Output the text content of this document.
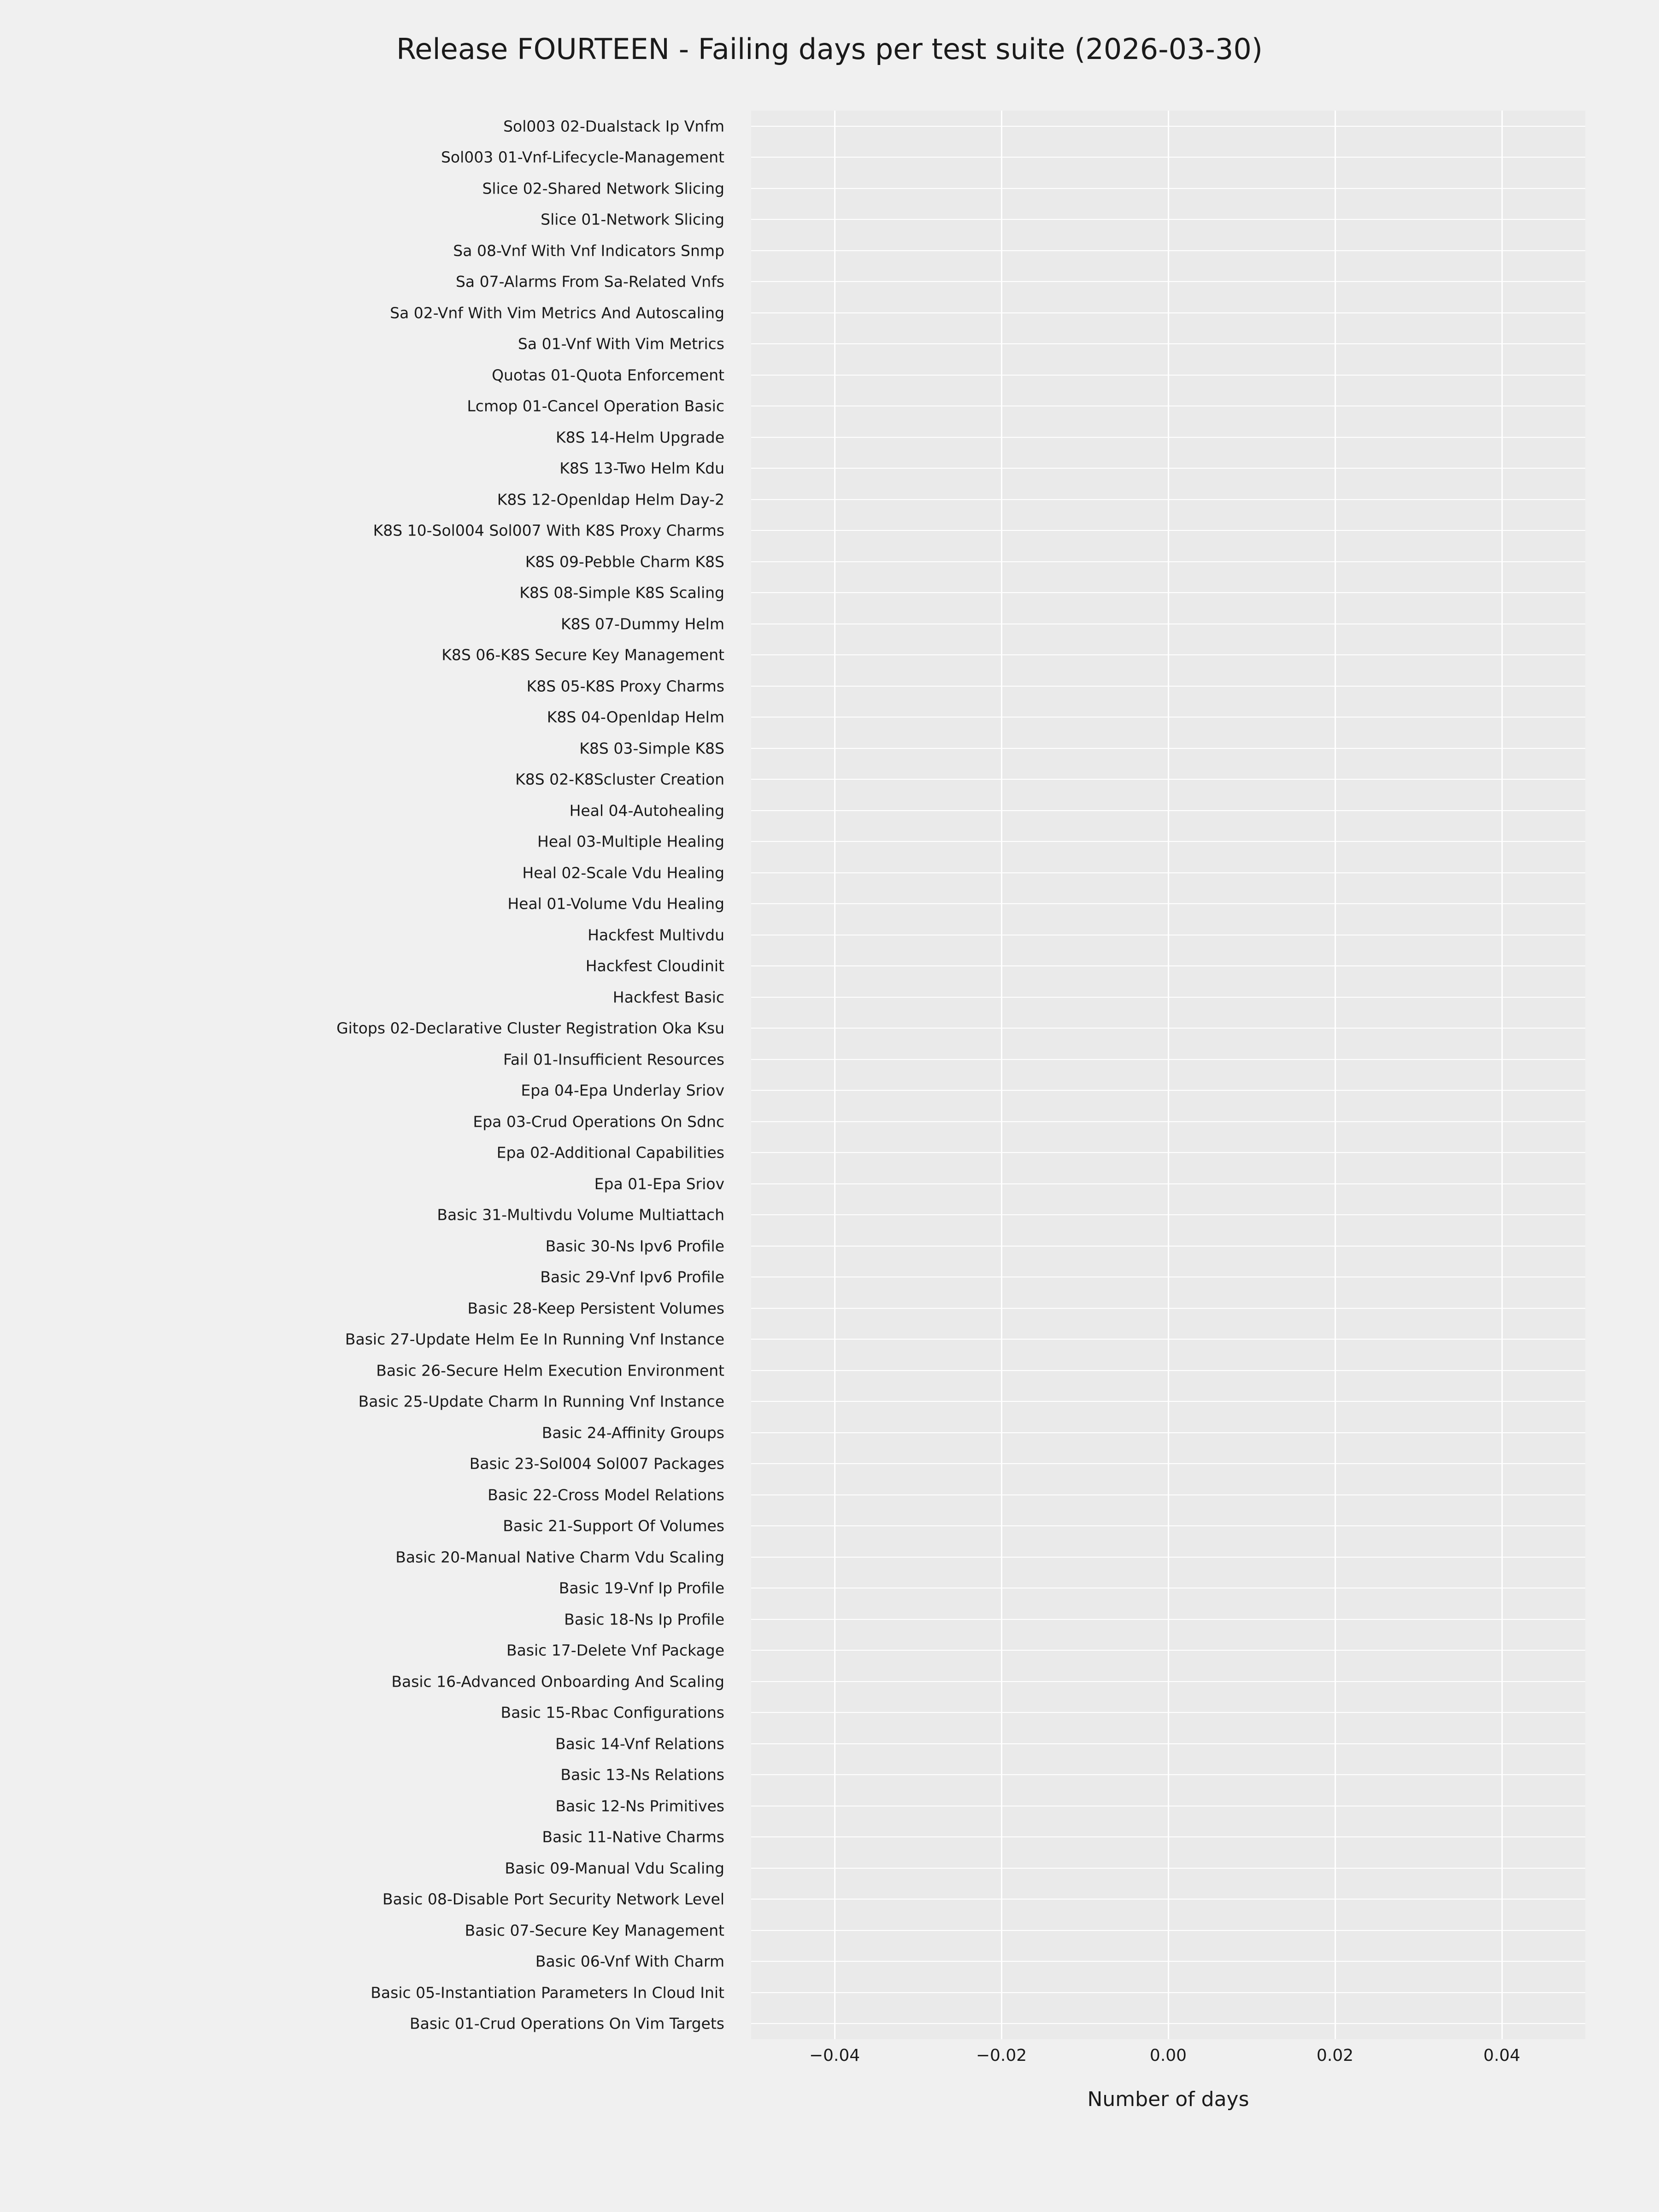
Release FOURTEEN - Failing days per test suite (2026-03-30)
Basic 01-Crud Operations On Vim Targets
Basic 05-Instantiation Parameters In Cloud Init
Basic 06-Vnf With Charm
Basic 07-Secure Key Management
Basic 08-Disable Port Security Network Level
Basic 09-Manual Vdu Scaling
Basic 11-Native Charms
Basic 12-Ns Primitives
Basic 13-Ns Relations
Basic 14-Vnf Relations
Basic 15-Rbac Configurations
Basic 16-Advanced Onboarding And Scaling
Basic 17-Delete Vnf Package
Basic 18-Ns Ip Profile
Basic 19-Vnf Ip Profile
Basic 20-Manual Native Charm Vdu Scaling
Basic 21-Support Of Volumes
Basic 22-Cross Model Relations
Basic 23-Sol004 Sol007 Packages
Basic 24-Affinity Groups
Basic 25-Update Charm In Running Vnf Instance
Basic 26-Secure Helm Execution Environment
Basic 27-Update Helm Ee In Running Vnf Instance
Basic 28-Keep Persistent Volumes
Basic 29-Vnf Ipv6 Profile
Basic 30-Ns Ipv6 Profile
Basic 31-Multivdu Volume Multiattach
Epa 01-Epa Sriov
Epa 02-Additional Capabilities
Epa 03-Crud Operations On Sdnc
Epa 04-Epa Underlay Sriov
Fail 01-Insufficient Resources
Gitops 02-Declarative Cluster Registration Oka Ksu
Hackfest Basic
Hackfest Cloudinit
Hackfest Multivdu
Heal 01-Volume Vdu Healing
Heal 02-Scale Vdu Healing
Heal 03-Multiple Healing
Heal 04-Autohealing
K8S 02-K8Scluster Creation
K8S 03-Simple K8S
K8S 04-Openldap Helm
K8S 05-K8S Proxy Charms
K8S 06-K8S Secure Key Management
K8S 07-Dummy Helm
K8S 08-Simple K8S Scaling
K8S 09-Pebble Charm K8S
K8S 10-Sol004 Sol007 With K8S Proxy Charms
K8S 12-Openldap Helm Day-2
K8S 13-Two Helm Kdu
K8S 14-Helm Upgrade
Lcmop 01-Cancel Operation Basic
Quotas 01-Quota Enforcement
Sa 01-Vnf With Vim Metrics
Sa 02-Vnf With Vim Metrics And Autoscaling
Sa 07-Alarms From Sa-Related Vnfs
Sa 08-Vnf With Vnf Indicators Snmp
Slice 01-Network Slicing
Slice 02-Shared Network Slicing
Sol003 01-Vnf-Lifecycle-Management
Sol003 02-Dualstack Ip Vnfm
−0.04	−0.02	0.00	0.02	0.04
Number of days
